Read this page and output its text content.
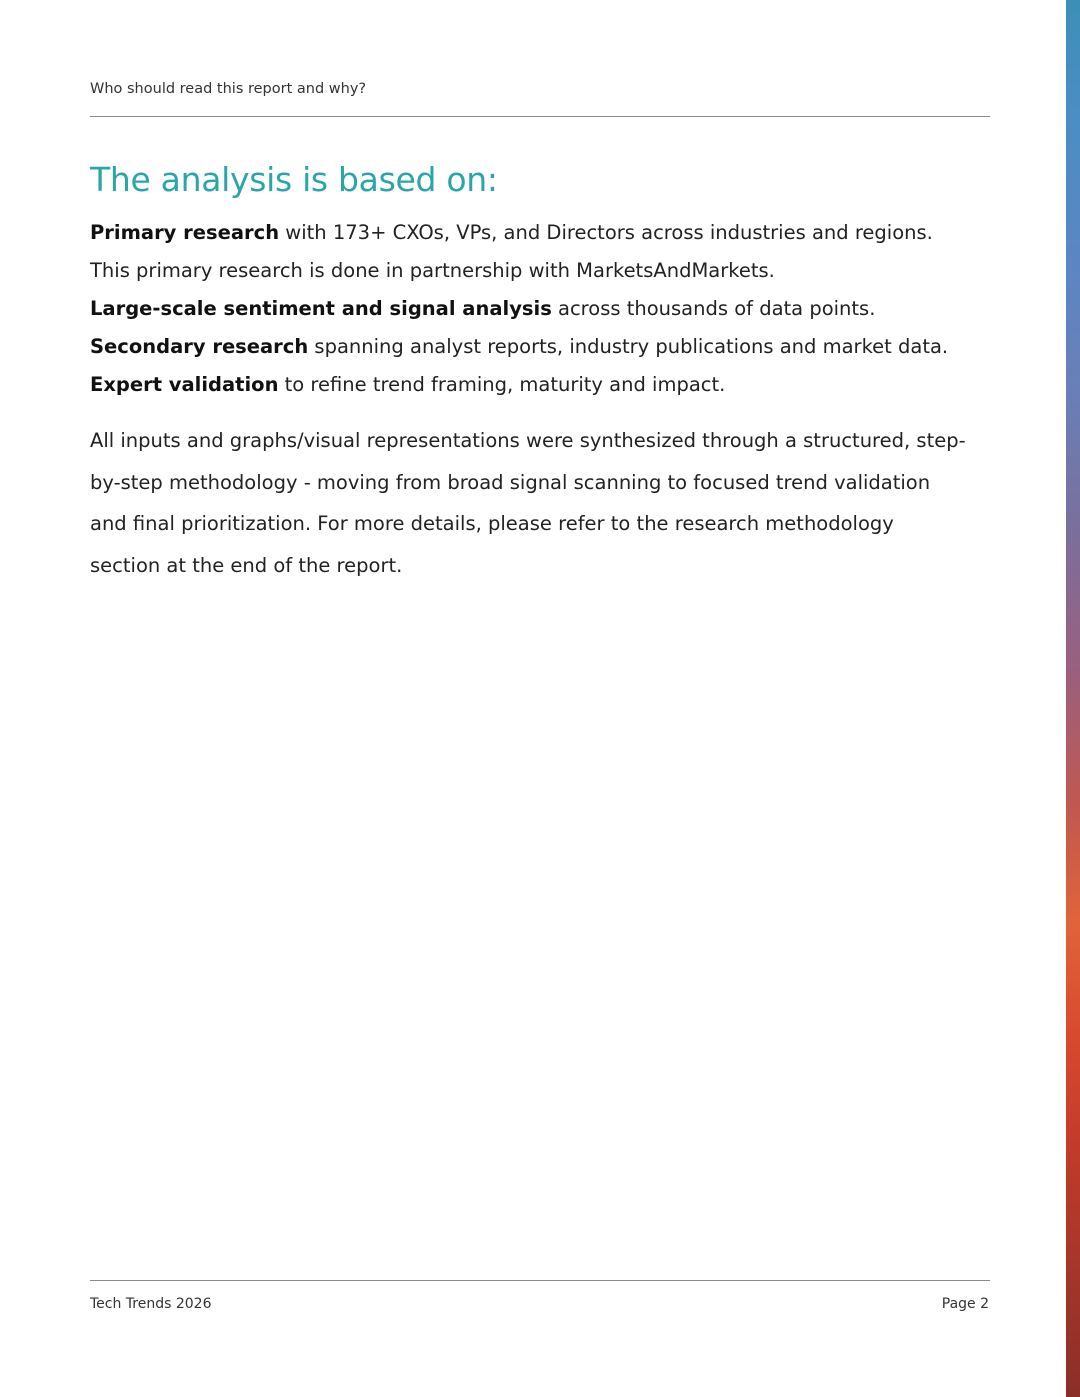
Who should read this report and why?
The analysis is based on:
Primary research with 173+ CXOs, VPs, and Directors across industries and regions. This primary research is done in partnership with MarketsAndMarkets.
Large-scale sentiment and signal analysis across thousands of data points.
Secondary research spanning analyst reports, industry publications and market data.
Expert validation to refine trend framing, maturity and impact.

All inputs and graphs/visual representations were synthesized through a structured, step-by-step methodology - moving from broad signal scanning to focused trend validation and final prioritization. For more details, please refer to the research methodology section at the end of the report.

Tech Trends 2026	Page 2
